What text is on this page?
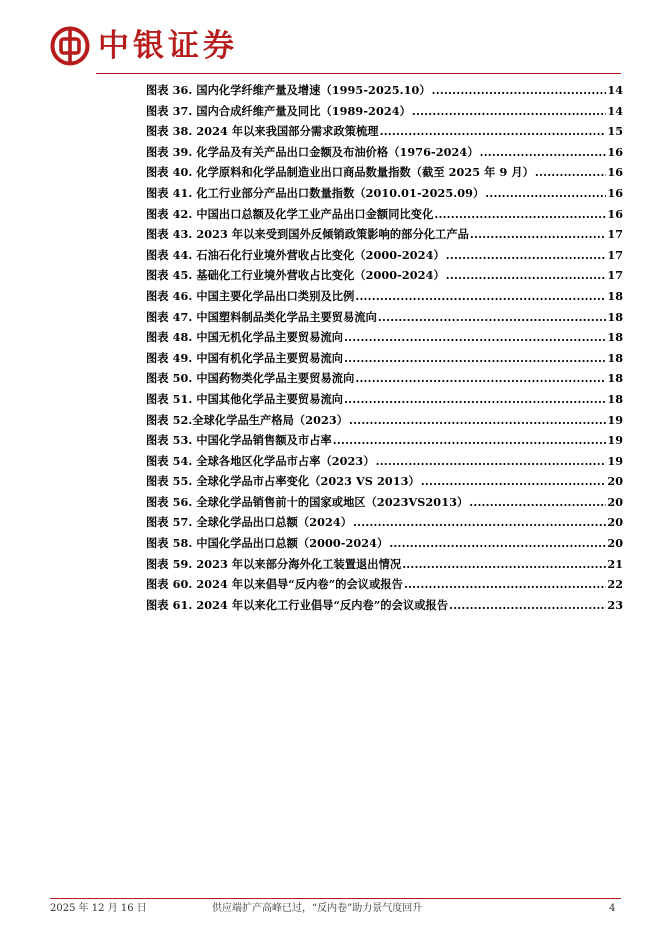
中银证券
图表 36. 国内化学纤维产量及增速（1995-2025.10） .....	14
图表 37. 国内合成纤维产量及同比（1989-2024） .....	14
图表 38. 2024 年以来我国部分需求政策梳理 .....	15
图表 39. 化学品及有关产品出口金额及布油价格（1976-2024） .....	16
图表 40. 化学原料和化学品制造业出口商品数量指数（截至 2025 年 9 月） .....	16
图表 41. 化工行业部分产品出口数量指数（2010.01-2025.09） .....	16
图表 42. 中国出口总额及化学工业产品出口金额同比变化 .....	16
图表 43. 2023 年以来受到国外反倾销政策影响的部分化工产品 .....	17
图表 44. 石油石化行业境外营收占比变化（2000-2024） .....	17
图表 45. 基础化工行业境外营收占比变化（2000-2024） .....	17
图表 46. 中国主要化学品出口类别及比例 .....	18
图表 47. 中国塑料制品类化学品主要贸易流向 .....	18
图表 48. 中国无机化学品主要贸易流向 .....	18
图表 49. 中国有机化学品主要贸易流向 .....	18
图表 50. 中国药物类化学品主要贸易流向 .....	18
图表 51. 中国其他化学品主要贸易流向 .....	18
图表 52.全球化学品生产格局（2023） .....	19
图表 53. 中国化学品销售额及市占率 .....	19
图表 54. 全球各地区化学品市占率（2023） .....	19
图表 55. 全球化学品市占率变化（2023 VS 2013） .....	20
图表 56. 全球化学品销售前十的国家或地区（2023VS2013） .....	20
图表 57. 全球化学品出口总额（2024） .....	20
图表 58. 中国化学品出口总额（2000-2024） .....	20
图表 59. 2023 年以来部分海外化工装置退出情况 .....	21
图表 60. 2024 年以来倡导“反内卷”的会议或报告 .....	22
图表 61. 2024 年以来化工行业倡导“反内卷”的会议或报告 .....	23
2025 年 12 月 16 日	供应端扩产高峰已过，“反内卷”助力景气度回升	4
